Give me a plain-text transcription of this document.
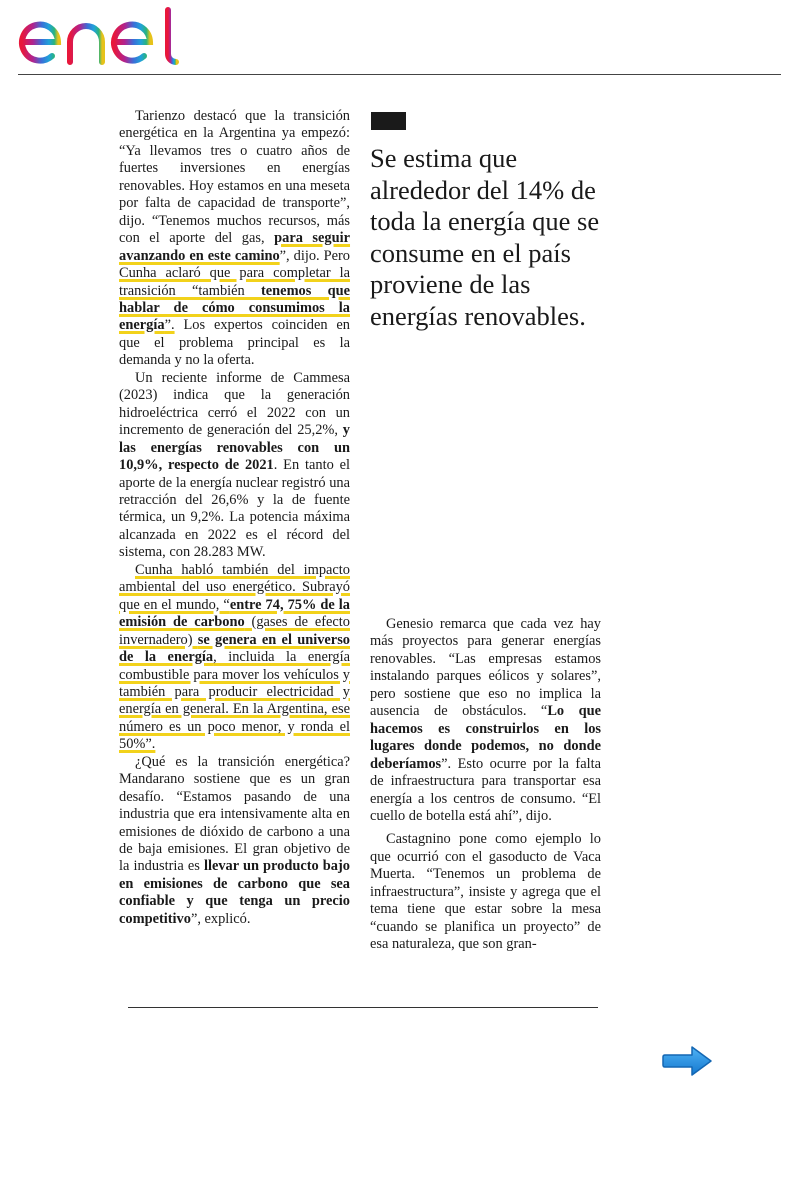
Tarienzo destacó que la transición energética en la Argentina ya empezó: “Ya llevamos tres o cuatro años de fuertes inversiones en energías renovables. Hoy estamos en una meseta por falta de capacidad de transporte”, dijo. “Tenemos muchos recursos, más con el aporte del gas, para seguir avanzando en este camino”, dijo. Pero Cunha aclaró que para completar la transición “también tenemos que hablar de cómo consumimos la energía”. Los expertos coinciden en que el problema principal es la demanda y no la oferta.

Un reciente informe de Cammesa (2023) indica que la generación hidroeléctrica cerró el 2022 con un incremento de generación del 25,2%, y las energías renovables con un 10,9%, respecto de 2021. En tanto el aporte de la energía nuclear registró una retracción del 26,6% y la de fuente térmica, un 9,2%. La potencia máxima alcanzada en 2022 es el récord del sistema, con 28.283 MW.

Cunha habló también del impacto ambiental del uso energético. Subrayó que en el mundo, “entre 74, 75% de la emisión de carbono (gases de efecto invernadero) se genera en el universo de la energía, incluida la energía combustible para mover los vehículos y también para producir electricidad y energía en general. En la Argentina, ese número es un poco menor, y ronda el 50%”.

¿Qué es la transición energética? Mandarano sostiene que es un gran desafío. “Estamos pasando de una industria que era intensivamente alta en emisiones de dióxido de carbono a una de baja emisiones. El gran objetivo de la industria es llevar un producto bajo en emisiones de carbono que sea confiable y que tenga un precio competitivo”, explicó.

Se estima que alrededor del 14% de toda la energía que se consume en el país proviene de las energías renovables.

Genesio remarca que cada vez hay más proyectos para generar energías renovables. “Las empresas estamos instalando parques eólicos y solares”, pero sostiene que eso no implica la ausencia de obstáculos. “Lo que hacemos es construirlos en los lugares donde podemos, no donde deberíamos”. Esto ocurre por la falta de infraestructura para transportar esa energía a los centros de consumo. “El cuello de botella está ahí”, dijo.

Castagnino pone como ejemplo lo que ocurrió con el gasoducto de Vaca Muerta. “Tenemos un problema de infraestructura”, insiste y agrega que el tema tiene que estar sobre la mesa “cuando se planifica un proyecto” de esa naturaleza, que son gran-
